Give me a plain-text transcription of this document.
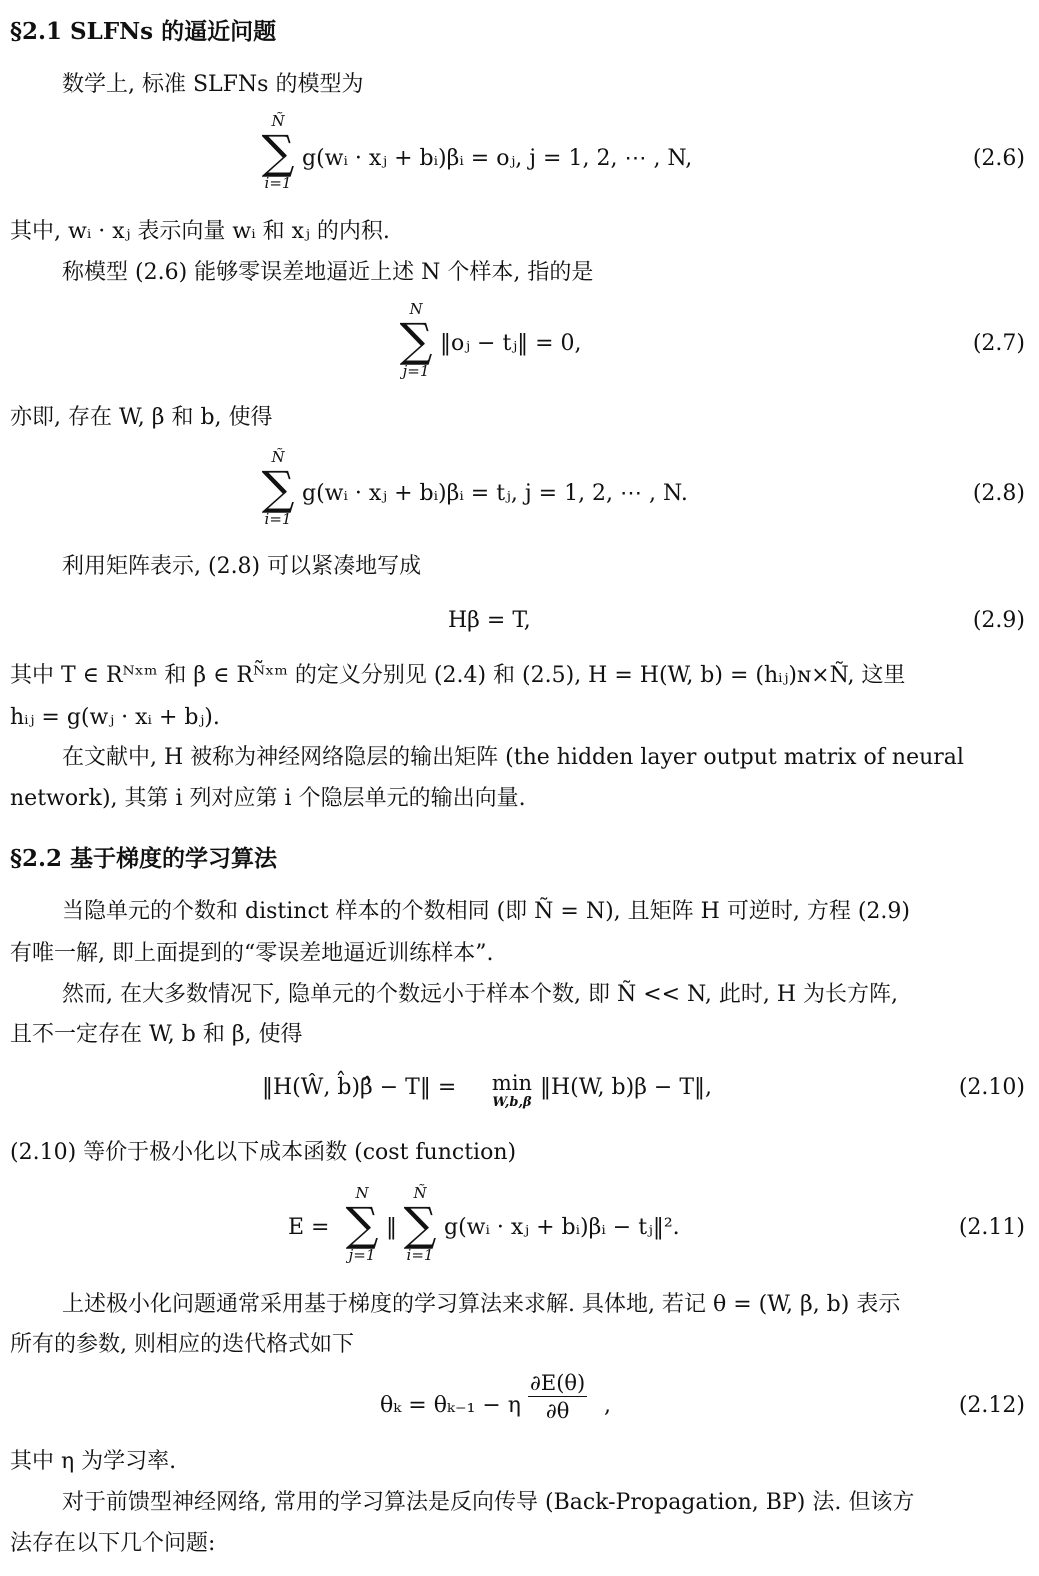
§2.1 SLFNs 的逼近问题
数学上, 标准 SLFNs 的模型为
Ñ
∑
i=1
g(wᵢ · xⱼ + bᵢ)βᵢ = oⱼ, j = 1, 2, ⋯ , N,	(2.6)
其中, wᵢ · xⱼ 表示向量 wᵢ 和 xⱼ 的内积.
称模型 (2.6) 能够零误差地逼近上述 N 个样本, 指的是
N
∑
j=1
‖oⱼ − tⱼ‖ = 0,	(2.7)
亦即, 存在 W, β 和 b, 使得
Ñ
∑
i=1
g(wᵢ · xⱼ + bᵢ)βᵢ = tⱼ, j = 1, 2, ⋯ , N.	(2.8)
利用矩阵表示, (2.8) 可以紧凑地写成
Hβ = T,	(2.9)
其中 T ∈ Rᴺˣᵐ 和 β ∈ Rᴺ̃ˣᵐ 的定义分别见 (2.4) 和 (2.5), H = H(W, b) = (hᵢⱼ)ɴ×Ñ, 这里
hᵢⱼ = g(wⱼ · xᵢ + bⱼ).
在文献中, H 被称为神经网络隐层的输出矩阵 (the hidden layer output matrix of neural
network), 其第 i 列对应第 i 个隐层单元的输出向量.
§2.2 基于梯度的学习算法
当隐单元的个数和 distinct 样本的个数相同 (即 Ñ = N), 且矩阵 H 可逆时, 方程 (2.9)
有唯一解, 即上面提到的“零误差地逼近训练样本”.
然而, 在大多数情况下, 隐单元的个数远小于样本个数, 即 Ñ << N, 此时, H 为长方阵,
且不一定存在 W, b 和 β, 使得
‖H(Ŵ, b̂)β̂ − T‖ =	min
W,b,β
‖H(W, b)β − T‖,	(2.10)
(2.10) 等价于极小化以下成本函数 (cost function)
E =
N
∑
j=1
‖
Ñ
∑
i=1
g(wᵢ · xⱼ + bᵢ)βᵢ − tⱼ‖².	(2.11)
上述极小化问题通常采用基于梯度的学习算法来求解. 具体地, 若记 θ = (W, β, b) 表示
所有的参数, 则相应的迭代格式如下
θₖ = θₖ₋₁ − η $\frac{\partial E(\theta)}{\partial\theta}$ ,	(2.12)
其中 η 为学习率.
对于前馈型神经网络, 常用的学习算法是反向传导 (Back-Propagation, BP) 法. 但该方
法存在以下几个问题:
